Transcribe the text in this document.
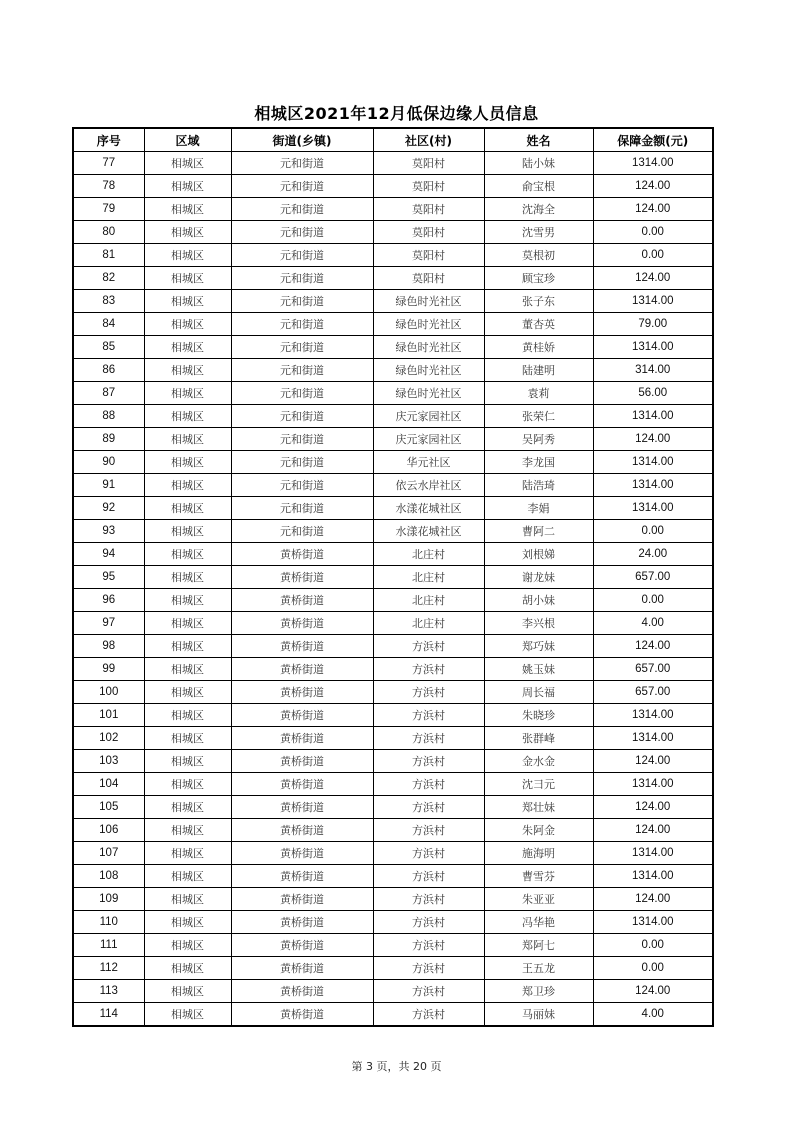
相城区2021年12月低保边缘人员信息
序号	区域	街道(乡镇)	社区(村)	姓名	保障金额(元)
77	相城区	元和街道	莫阳村	陆小妹	1314.00
78	相城区	元和街道	莫阳村	俞宝根	124.00
79	相城区	元和街道	莫阳村	沈海全	124.00
80	相城区	元和街道	莫阳村	沈雪男	0.00
81	相城区	元和街道	莫阳村	莫根初	0.00
82	相城区	元和街道	莫阳村	顾宝珍	124.00
83	相城区	元和街道	绿色时光社区	张子东	1314.00
84	相城区	元和街道	绿色时光社区	董杏英	79.00
85	相城区	元和街道	绿色时光社区	黄桂娇	1314.00
86	相城区	元和街道	绿色时光社区	陆建明	314.00
87	相城区	元和街道	绿色时光社区	袁莉	56.00
88	相城区	元和街道	庆元家园社区	张荣仁	1314.00
89	相城区	元和街道	庆元家园社区	吴阿秀	124.00
90	相城区	元和街道	华元社区	李龙国	1314.00
91	相城区	元和街道	依云水岸社区	陆浩琦	1314.00
92	相城区	元和街道	水漾花城社区	李娟	1314.00
93	相城区	元和街道	水漾花城社区	曹阿二	0.00
94	相城区	黄桥街道	北庄村	刘根娣	24.00
95	相城区	黄桥街道	北庄村	谢龙妹	657.00
96	相城区	黄桥街道	北庄村	胡小妹	0.00
97	相城区	黄桥街道	北庄村	李兴根	4.00
98	相城区	黄桥街道	方浜村	郑巧妹	124.00
99	相城区	黄桥街道	方浜村	姚玉妹	657.00
100	相城区	黄桥街道	方浜村	周长福	657.00
101	相城区	黄桥街道	方浜村	朱晓珍	1314.00
102	相城区	黄桥街道	方浜村	张群峰	1314.00
103	相城区	黄桥街道	方浜村	金水金	124.00
104	相城区	黄桥街道	方浜村	沈彐元	1314.00
105	相城区	黄桥街道	方浜村	郑壮妹	124.00
106	相城区	黄桥街道	方浜村	朱阿金	124.00
107	相城区	黄桥街道	方浜村	施海明	1314.00
108	相城区	黄桥街道	方浜村	曹雪芬	1314.00
109	相城区	黄桥街道	方浜村	朱亚亚	124.00
110	相城区	黄桥街道	方浜村	冯华艳	1314.00
111	相城区	黄桥街道	方浜村	郑阿七	0.00
112	相城区	黄桥街道	方浜村	王五龙	0.00
113	相城区	黄桥街道	方浜村	郑卫珍	124.00
114	相城区	黄桥街道	方浜村	马丽妹	4.00
第 3 页，共 20 页
